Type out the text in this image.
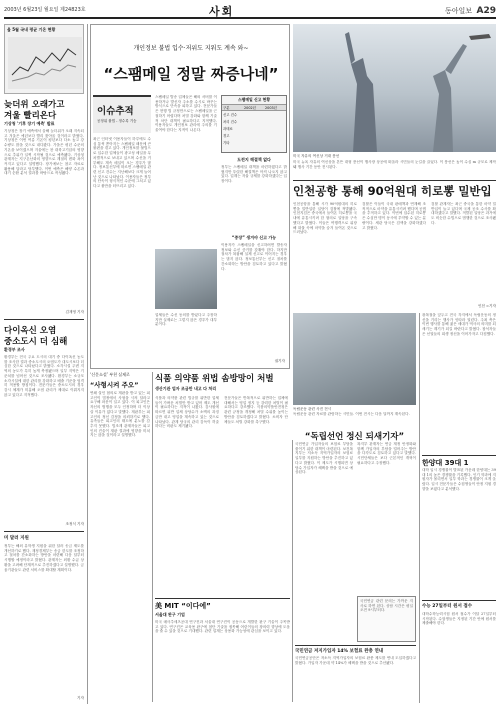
2003년 6월23일 월요일 제24823호	사회	동아일보 A29
올 5월 국내 평균 기온 현황
늦더위 오래가고
겨울 빨리온다
기상청 '기후 장기 예측' 발표
기상청은 장기 예측에서 올해 늦더위가 오래 지속되고 겨울은 예년보다 빨리 찾아올 것이라고 밝혔다. 기상청은 이번 여름 기온이 평년보다 다소 높고 강수량도 많을 것으로 내다봤다. 가을은 평년 수준의 기온을 보이겠으며 겨울에는 찬 대륙고기압의 영향으로 추위가 일찍 시작될 것으로 예측됐다. 기상청 관계자는 지구온난화의 영향으로 계절의 변화 폭이 커지고 있다고 설명했다. 장기예보는 참고 자료로 활용해 달라고 당부했다. 이번 예측은 해양 수온과 대기 순환 분석 결과를 바탕으로 작성됐다.
김재영 기자
다이옥신 오염
중소도시 더 심해
환경부 조사
환경부는 전국 주요 도시의 대기 중 다이옥신 농도를 조사한 결과 중소도시의 오염도가 대도시보다 더 심한 것으로 나타났다고 밝혔다. 소각시설 주변 지역의 농도가 특히 높게 측정됐으며 일부 지역은 기준치를 넘어선 것으로 조사됐다. 환경부는 소규모 소각시설에 대한 관리를 강화하고 배출 기준을 엄격히 적용할 방침이다. 전문가들은 중소도시의 경우 감시 체계가 미흡해 오염 관리가 제대로 이뤄지지 않고 있다고 지적했다.
조정식 기자
미 달러 지원
정부는 해외 유학생 지원을 위한 달러 송금 제도를 개선하기로 했다. 재정경제부는 송금 한도를 조정하고 절차를 간소화하는 방안을 마련해 다음 달부터 시행할 예정이라고 밝혔다. 관계자는 외환 수급 상황을 고려해 단계적으로 추진하겠다고 설명했다. 금융기관들도 관련 서비스를 확대할 계획이다.
기자
개인정보 불법 입수·저위도 지워도 계속 와~
“스팸메일 정말 짜증나네”
이슈추적
공정위 불법 - 정수록 기승
최근 인터넷 이용자들이 하루에도 수십 통씩 쏟아지는 스팸메일 때문에 큰 불편을 겪고 있다. 개인정보를 불법으로 입수한 업체들이 광고성 메일을 무차별적으로 보내고 있으며 수신을 거부해도 계속 메일이 오는 경우가 많다. 정보통신부에 따르면 스팸메일 관련 신고 건수는 지난해보다 크게 늘어난 것으로 나타났다. 이용자들은 정부의 단속이 형식적인 수준에 그치고 있다고 불만을 터뜨리고 있다.
스팸메일 발송 업체들은 해외 서버를 이용하거나 발신자 주소를 수시로 바꾸는 방식으로 단속을 피하고 있다. 전문가들은 현행 법 규정만으로는 스팸메일을 근절하기 어렵다며 처벌 강화와 함께 기술적 차단 대책이 필요하다고 지적했다. 이용자들도 개인정보 관리에 주의를 기울여야 한다는 지적이 나온다.
스팸메일 신고 현황
구분	2002년	2003년
신고 건수
처리 건수
과태료
경고
기타
도전지 해결책 없다
정부는 스팸메일 대책을 마련하겠다고 밝혔지만 뚜렷한 해결책은 아직 나오지 않고 있다. 업계는 자율 규제를 강화하겠다는 입장이다.
“중장” 생겨야 신고 가능
이용자가 스팸메일을 신고하려면 발송자 정보와 수신 증거를 갖춰야 한다. 하지만 절차가 복잡해 실제 신고로 이어지는 경우는 많지 않다. 정보통신부는 신고 절차를 간소화하는 방안을 검토하고 있다고 밝혔다.
업체들은 수신 동의를 받았다고 주장하지만 실제로는 그렇지 않은 경우가 대부분이다.
권기자
미국 자유의 여신상 거대 풍선
미국 뉴욕 자유의 여신상을 본뜬 대형 풍선이 행사장 상공에 떠올라 시민들의 눈길을 끌었다. 이 풍선은 높이 수십 m 규모로 제작돼 행사 기간 동안 전시된다.
인천공항 통해 90억원대 히로뽕 밀반입
인천공항을 통해 시가 90억원대의 히로뽕을 밀반입한 일당이 검찰에 적발됐다. 인천지검은 중국에서 들여온 히로뽕을 국내에 유통시키려 한 혐의로 일당을 구속했다고 밝혔다. 이들은 여행객으로 위장해 화물 속에 마약을 숨겨 들여온 것으로 드러났다.
검찰은 이들이 국내 판매책과 연계해 조직적으로 마약을 유통시키려 했다며 공범을 추적하고 있다. 이번에 압수된 히로뽕은 수십만 명이 동시에 투약할 수 있는 분량이다. 세관 당국은 검색을 강화하겠다고 밝혔다.
검찰 관계자는 최근 중국을 통한 마약 밀반입이 늘고 있다며 국제 공조 수사를 확대하겠다고 말했다. 적발된 일당은 과거에도 비슷한 수법으로 범행한 것으로 조사됐다.
인천 =기자
독립운동 관련 사진 전시
독립운동 관련 자료를 관람하는 시민들. 이번 전시는 다음 달까지 계속된다.
“독립선언 정신 되새기자”
광복절을 앞두고 전국 각지에서 독립운동의 정신을 기리는 행사가 잇따라 열린다. 주최 측은 이번 행사를 통해 젊은 세대가 역사의 의미를 되새기는 계기가 되길 바란다고 밝혔다. 참석자들은 선열들의 희생 정신을 이어가자고 다짐했다.
한양대 39대 1
대학 입시 경쟁률이 발표된 가운데 한양대는 39대 1의 높은 경쟁률을 기록했다. 인기 학과에 지원자가 몰리면서 일부 학과는 경쟁률이 크게 올랐다. 입시 전문가들은 수험생들이 안정 지원 경향을 보였다고 분석했다.
수능 27일부터 원서 접수
대학수학능력시험 원서 접수가 이달 27일부터 시작된다. 수험생들은 지정된 기간 안에 원서를 제출해야 한다.
‘신문소설’ 부천 실제로
“사형시켜 주오”
연쇄 살인 혐의로 재판을 받고 있는 피고인이 법정에서 사형을 시켜 달라고 요구해 파문이 일고 있다. 이 피고인은 자신의 범행을 모두 인정하며 더 이상 살 이유가 없다고 말했다. 재판부는 피고인의 정신 감정을 의뢰하기로 했다. 유족들은 피고인의 태도에 분노를 감추지 못했다. 법조계 관계자들은 피고인의 진술이 재판 결과에 영향을 미치지는 않을 것이라고 설명했다.
식품 의약품 위법 솜방망이 처벌
생산기관 업자 조금만 내고 다 처리
식품과 의약품 관련 법규를 위반한 업체들이 가벼운 처벌만 받고 있어 제도 개선이 필요하다는 지적이 나왔다. 감사원에 따르면 위반 업체 상당수가 소액의 과징금만 내고 영업을 계속하고 있는 것으로 나타났다. 관계 당국의 관리 감독이 허술하다는 비판도 제기됐다.
전문가들은 반복적으로 위반하는 업체에 대해서는 영업 정지 등 강력한 처벌이 필요하다고 강조했다. 식품의약품안전청은 관련 규정을 개정해 처벌 수위를 높이는 방안을 검토하겠다고 밝혔다. 소비자 단체들도 처벌 강화를 촉구했다.
美 MIT “이다에”
서울대 완구 기업
미국 매사추세츠공대 연구진과 서울대 연구진이 공동으로 개발한 완구 기술이 주목받고 있다. 연구진은 교육용 완구에 첨단 기술을 접목해 어린이들의 창의력 향상에 도움을 줄 수 있을 것으로 기대했다. 관련 업계는 상용화 가능성에 관심을 보이고 있다.
국민연금 가입자들의 보험료 부담을 줄이기 위한 대책이 마련된다. 보건복지부는 저소득 지역가입자의 보험료 일부를 지원하는 방안을 추진하고 있다고 밝혔다. 이 제도가 시행되면 상당수 가입자가 혜택을 받을 것으로 예상된다.
복지부 관계자는 연금 재정 안정화와 함께 가입자의 부담을 덜어주는 방안을 다각도로 검토하고 있다고 말했다. 시민단체들은 보다 근본적인 개혁이 필요하다고 주장했다.
국민연금 관련 문의는 가까운 지사로 하면 된다. 상담 시간은 평일 오전 9시부터다.
국민연금 저지가입자 14% 보험료 완충 연내
국민연금공단은 저소득 지역가입자의 보험료 완충 제도를 연내 도입하겠다고 밝혔다. 가입자 가운데 약 14%가 혜택을 받을 것으로 추산됐다.
